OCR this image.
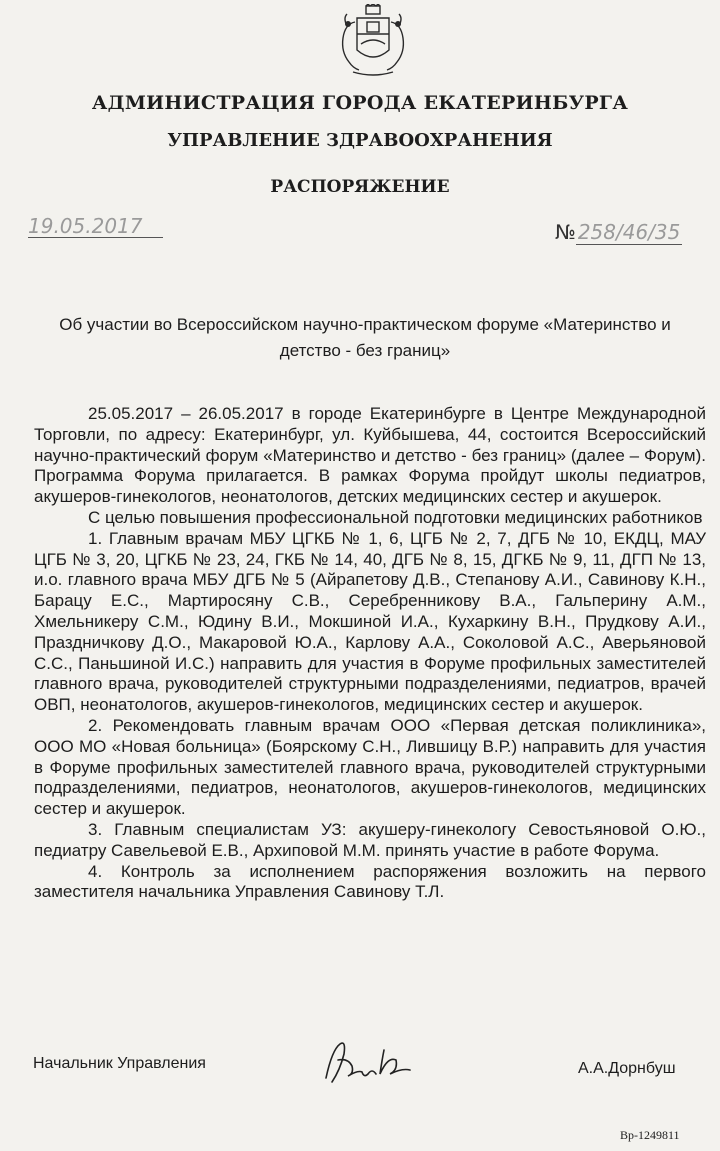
АДМИНИСТРАЦИЯ ГОРОДА ЕКАТЕРИНБУРГА
УПРАВЛЕНИЕ ЗДРАВООХРАНЕНИЯ
РАСПОРЯЖЕНИЕ
19.05.2017	№ 258/46/35
Об участии во Всероссийском научно-практическом форуме «Материнство и детство - без границ»

25.05.2017 – 26.05.2017 в городе Екатеринбурге в Центре Международной Торговли, по адресу: Екатеринбург, ул. Куйбышева, 44, состоится Всероссийский научно-практический форум «Материнство и детство - без границ» (далее – Форум). Программа Форума прилагается. В рамках Форума пройдут школы педиатров, акушеров-гинекологов, неонатологов, детских медицинских сестер и акушерок.

С целью повышения профессиональной подготовки медицинских работников

1. Главным врачам МБУ ЦГКБ № 1, 6, ЦГБ № 2, 7, ДГБ № 10, ЕКДЦ, МАУ ЦГБ № 3, 20, ЦГКБ № 23, 24, ГКБ № 14, 40, ДГБ № 8, 15, ДГКБ № 9, 11, ДГП № 13, и.о. главного врача МБУ ДГБ № 5 (Айрапетову Д.В., Степанову А.И., Савинову К.Н., Барацу Е.С., Мартиросяну С.В., Серебренникову В.А., Гальперину А.М., Хмельникеру С.М., Юдину В.И., Мокшиной И.А., Кухаркину В.Н., Прудкову А.И., Праздничкову Д.О., Макаровой Ю.А., Карлову А.А., Соколовой А.С., Аверьяновой С.С., Паньшиной И.С.) направить для участия в Форуме профильных заместителей главного врача, руководителей структурными подразделениями, педиатров, врачей ОВП, неонатологов, акушеров-гинекологов, медицинских сестер и акушерок.

2. Рекомендовать главным врачам ООО «Первая детская поликлиника», ООО МО «Новая больница» (Боярскому С.Н., Лившицу В.Р.) направить для участия в Форуме профильных заместителей главного врача, руководителей структурными подразделениями, педиатров, неонатологов, акушеров-гинекологов, медицинских сестер и акушерок.

3. Главным специалистам УЗ: акушеру-гинекологу Севостьяновой О.Ю., педиатру Савельевой Е.В., Архиповой М.М. принять участие в работе Форума.

4. Контроль за исполнением распоряжения возложить на первого заместителя начальника Управления Савинову Т.Л.

Начальник Управления	А.А.Дорнбуш
Вр-1249811
